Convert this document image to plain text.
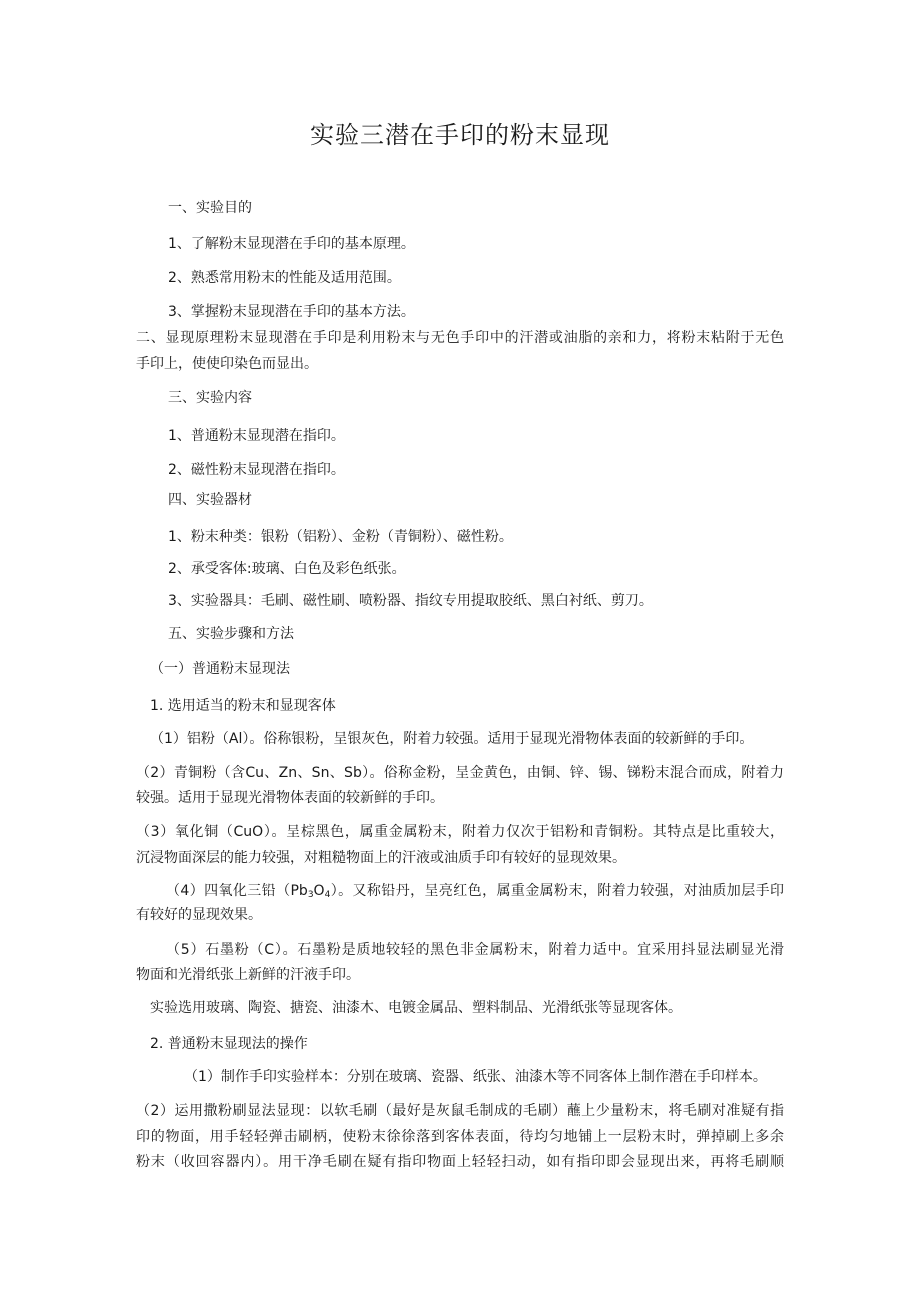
实验三潜在手印的粉末显现
一、实验目的
1、了解粉末显现潜在手印的基本原理。
2、熟悉常用粉末的性能及适用范围。
3、掌握粉末显现潜在手印的基本方法。
二、显现原理粉末显现潜在手印是利用粉末与无色手印中的汗潜或油脂的亲和力，将粉末粘附于无色
手印上，使使印染色而显出。
三、实验内容
1、普通粉末显现潜在指印。
2、磁性粉末显现潜在指印。
四、实验器材
1、粉末种类：银粉（铝粉）、金粉（青铜粉）、磁性粉。
2、承受客体:玻璃、白色及彩色纸张。
3、实验器具：毛刷、磁性刷、喷粉器、指纹专用提取胶纸、黑白衬纸、剪刀。
五、实验步骤和方法
（一）普通粉末显现法
1. 选用适当的粉末和显现客体
（1）铝粉（Al）。俗称银粉，呈银灰色，附着力较强。适用于显现光滑物体表面的较新鲜的手印。
（2）青铜粉（含Cu、Zn、Sn、Sb）。俗称金粉，呈金黄色，由铜、锌、锡、锑粉末混合而成，附着力
较强。适用于显现光滑物体表面的较新鲜的手印。
（3）氧化铜（CuO）。呈棕黑色，属重金属粉末，附着力仅次于铝粉和青铜粉。其特点是比重较大，
沉浸物面深层的能力较强，对粗糙物面上的汗液或油质手印有较好的显现效果。
（4）四氧化三铅$(Pb_3O_4)$。又称铅丹，呈亮红色，属重金属粉末，附着力较强，对油质加层手印
有较好的显现效果。
（5）石墨粉（C）。石墨粉是质地较轻的黑色非金属粉末，附着力适中。宜采用抖显法刷显光滑
物面和光滑纸张上新鲜的汗液手印。
实验选用玻璃、陶瓷、搪瓷、油漆木、电镀金属品、塑料制品、光滑纸张等显现客体。
2. 普通粉末显现法的操作
（1）制作手印实验样本：分别在玻璃、瓷器、纸张、油漆木等不同客体上制作潜在手印样本。
（2）运用撒粉刷显法显现：以软毛刷（最好是灰鼠毛制成的毛刷）蘸上少量粉末，将毛刷对准疑有指
印的物面，用手轻轻弹击刷柄，使粉末徐徐落到客体表面，待均匀地铺上一层粉末时，弹掉刷上多余
粉末（收回容器内）。用干净毛刷在疑有指印物面上轻轻扫动，如有指印即会显现出来，再将毛刷顺
